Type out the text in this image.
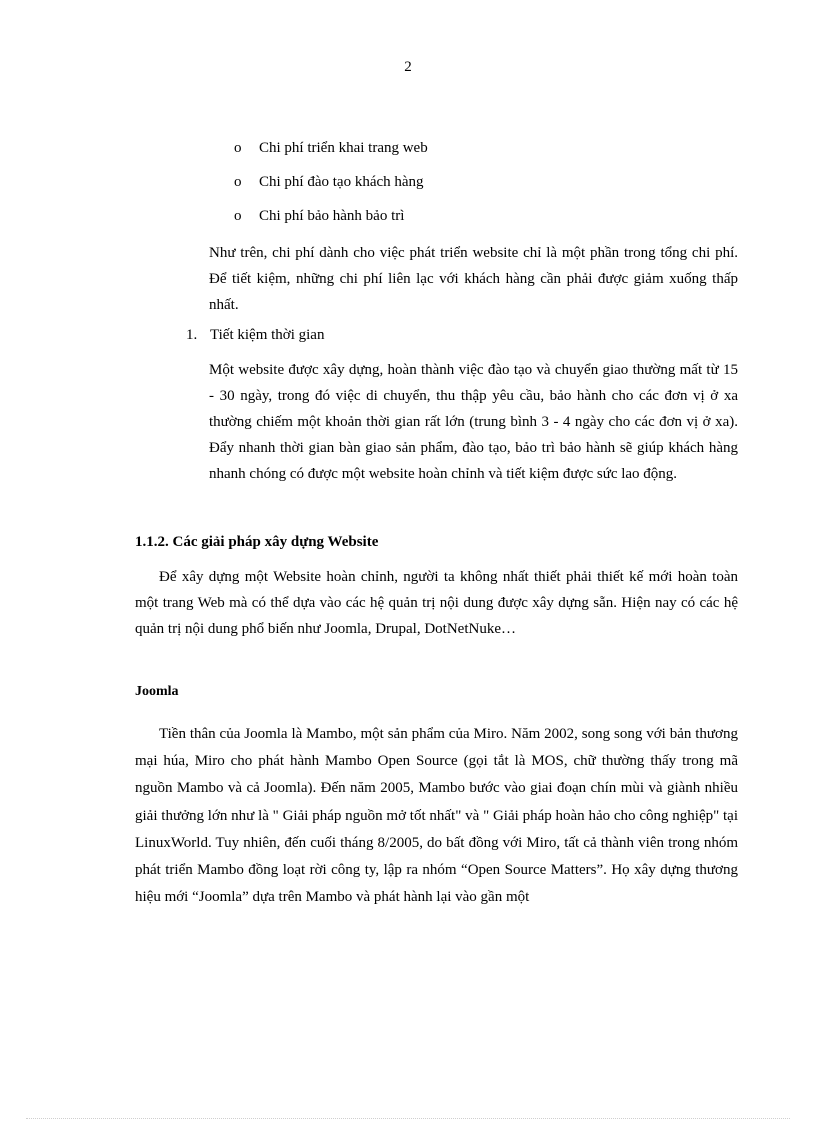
2
o	Chi phí triển khai trang web
o	Chi phí đào tạo khách hàng
o	Chi phí bảo hành bảo trì

Như trên, chi phí dành cho việc phát triển website chỉ là một phần trong tổng chi phí. Để tiết kiệm, những chi phí liên lạc với khách hàng cần phải được giảm xuống thấp nhất.

1. Tiết kiệm thời gian

Một website được xây dựng, hoàn thành việc đào tạo và chuyển giao thường mất từ 15 - 30 ngày, trong đó việc di chuyển, thu thập yêu cầu, bảo hành cho các đơn vị ở xa thường chiếm một khoản thời gian rất lớn (trung bình 3 - 4 ngày cho các đơn vị ở xa). Đẩy nhanh thời gian bàn giao sản phẩm, đào tạo, bảo trì bảo hành sẽ giúp khách hàng nhanh chóng có được một website hoàn chỉnh và tiết kiệm được sức lao động.

1.1.2. Các giải pháp xây dựng Website

Để xây dựng một Website hoàn chỉnh, người ta không nhất thiết phải thiết kế mới hoàn toàn một trang Web mà có thể dựa vào các hệ quản trị nội dung được xây dựng sẵn. Hiện nay có các hệ quản trị nội dung phổ biến như Joomla, Drupal, DotNetNuke…

Joomla

Tiền thân của Joomla là Mambo, một sản phẩm của Miro. Năm 2002, song song với bản thương mại húa, Miro cho phát hành Mambo Open Source (gọi tắt là MOS, chữ thường thấy trong mã nguồn Mambo và cả Joomla). Đến năm 2005, Mambo bước vào giai đoạn chín mùi và giành nhiều giải thưởng lớn như là " Giải pháp nguồn mở tốt nhất" và " Giải pháp hoàn hảo cho công nghiệp" tại LinuxWorld. Tuy nhiên, đến cuối tháng 8/2005, do bất đồng với Miro, tất cả thành viên trong nhóm phát triển Mambo đồng loạt rời công ty, lập ra nhóm “Open Source Matters”. Họ xây dựng thương hiệu mới “Joomla” dựa trên Mambo và phát hành lại vào gần một
